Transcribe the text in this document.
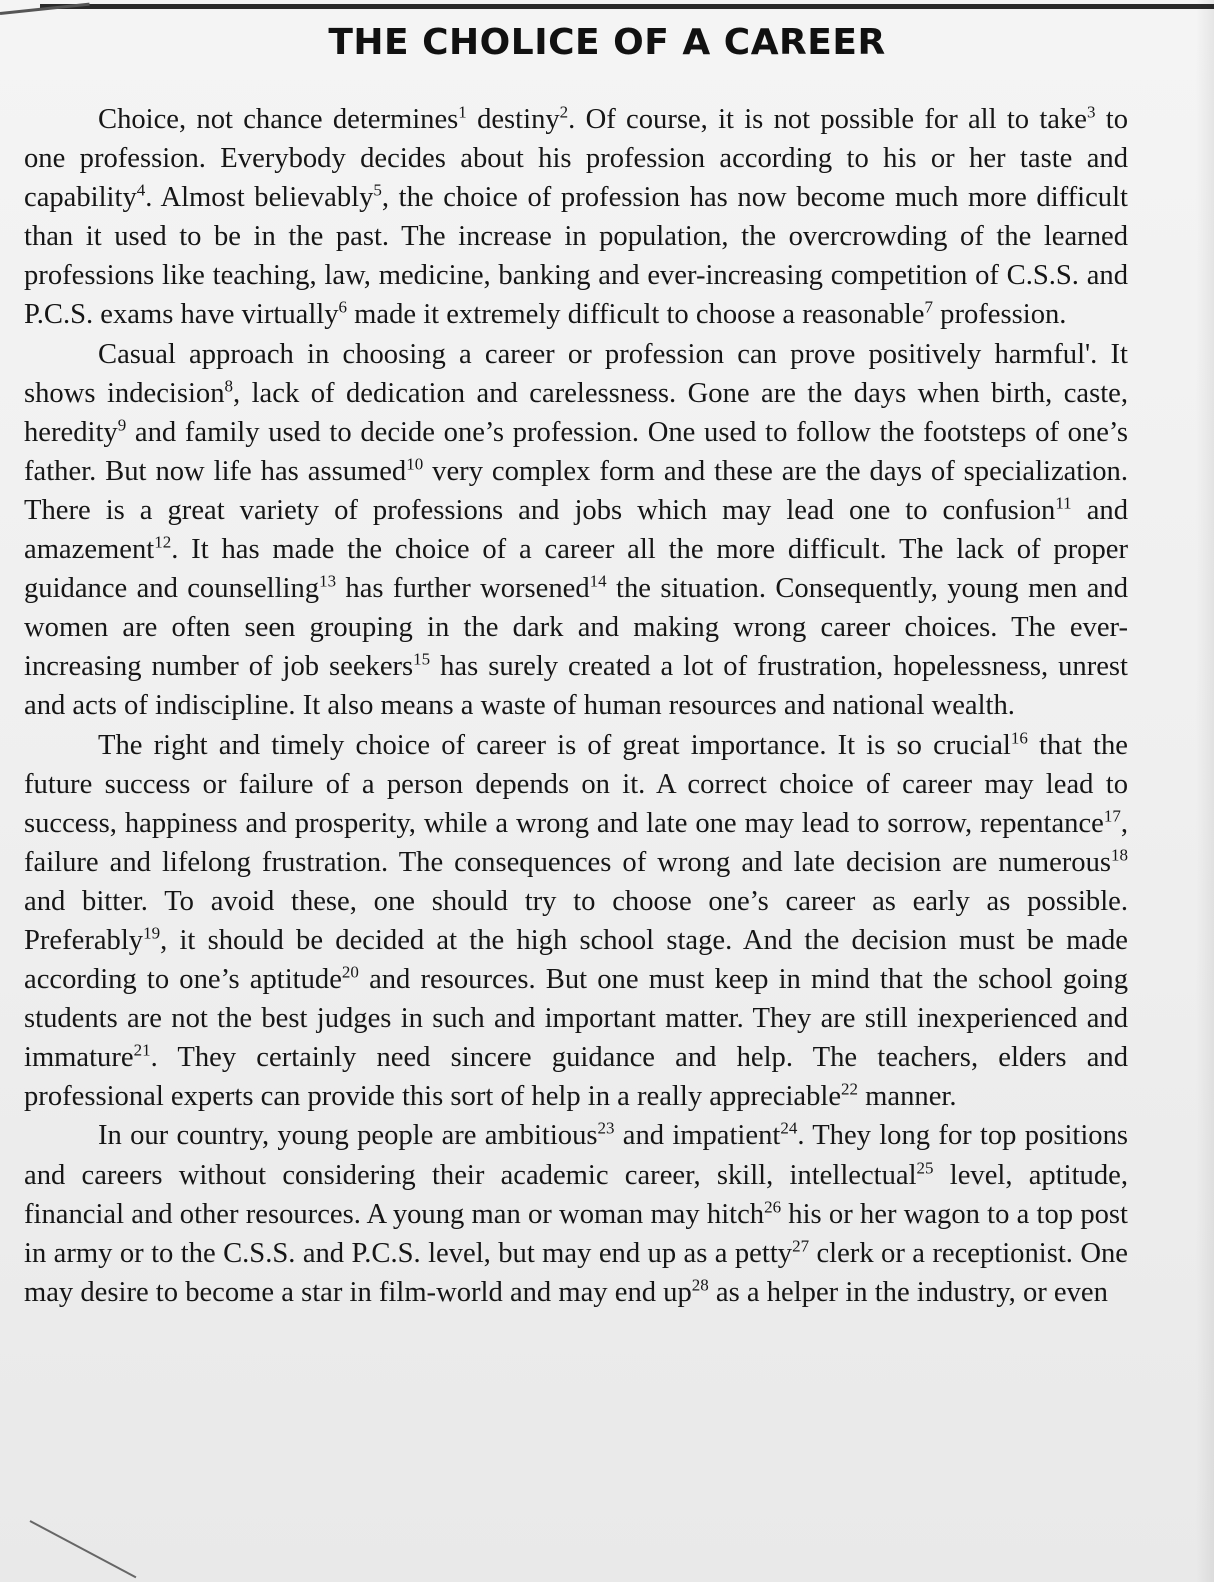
THE CHOLICE OF A CAREER

Choice, not chance determines$^1$ destiny$^2$. Of course, it is not possible for all to take$^3$ to one profession. Everybody decides about his profession according to his or her taste and capability$^4$. Almost believably$^5$, the choice of profession has now become much more difficult than it used to be in the past. The increase in population, the overcrowding of the learned professions like teaching, law, medicine, banking and ever-increasing competition of C.S.S. and P.C.S. exams have virtually$^6$ made it extremely difficult to choose a reasonable$^7$ profession.

Casual approach in choosing a career or profession can prove positively harmful'. It shows indecision$^8$, lack of dedication and carelessness. Gone are the days when birth, caste, heredity$^9$ and family used to decide one’s profession. One used to follow the footsteps of one’s father. But now life has assumed$^{10}$ very complex form and these are the days of specialization. There is a great variety of professions and jobs which may lead one to confusion$^{11}$ and amazement$^{12}$. It has made the choice of a career all the more difficult. The lack of proper guidance and counselling$^{13}$ has further worsened$^{14}$ the situation. Consequently, young men and women are often seen grouping in the dark and making wrong career choices. The ever-increasing number of job seekers$^{15}$ has surely created a lot of frustration, hopelessness, unrest and acts of indiscipline. It also means a waste of human resources and national wealth.

The right and timely choice of career is of great importance. It is so crucial$^{16}$ that the future success or failure of a person depends on it. A correct choice of career may lead to success, happiness and prosperity, while a wrong and late one may lead to sorrow, repentance$^{17}$, failure and lifelong frustration. The consequences of wrong and late decision are numerous$^{18}$ and bitter. To avoid these, one should try to choose one’s career as early as possible. Preferably$^{19}$, it should be decided at the high school stage. And the decision must be made according to one’s aptitude$^{20}$ and resources. But one must keep in mind that the school going students are not the best judges in such and important matter. They are still inexperienced and immature$^{21}$. They certainly need sincere guidance and help. The teachers, elders and professional experts can provide this sort of help in a really appreciable$^{22}$ manner.

In our country, young people are ambitious$^{23}$ and impatient$^{24}$. They long for top positions and careers without considering their academic career, skill, intellectual$^{25}$ level, aptitude, financial and other resources. A young man or woman may hitch$^{26}$ his or her wagon to a top post in army or to the C.S.S. and P.C.S. level, but may end up as a petty$^{27}$ clerk or a receptionist. One may desire to become a star in film-world and may end $up^{28}$ as a helper in the industry, or even
